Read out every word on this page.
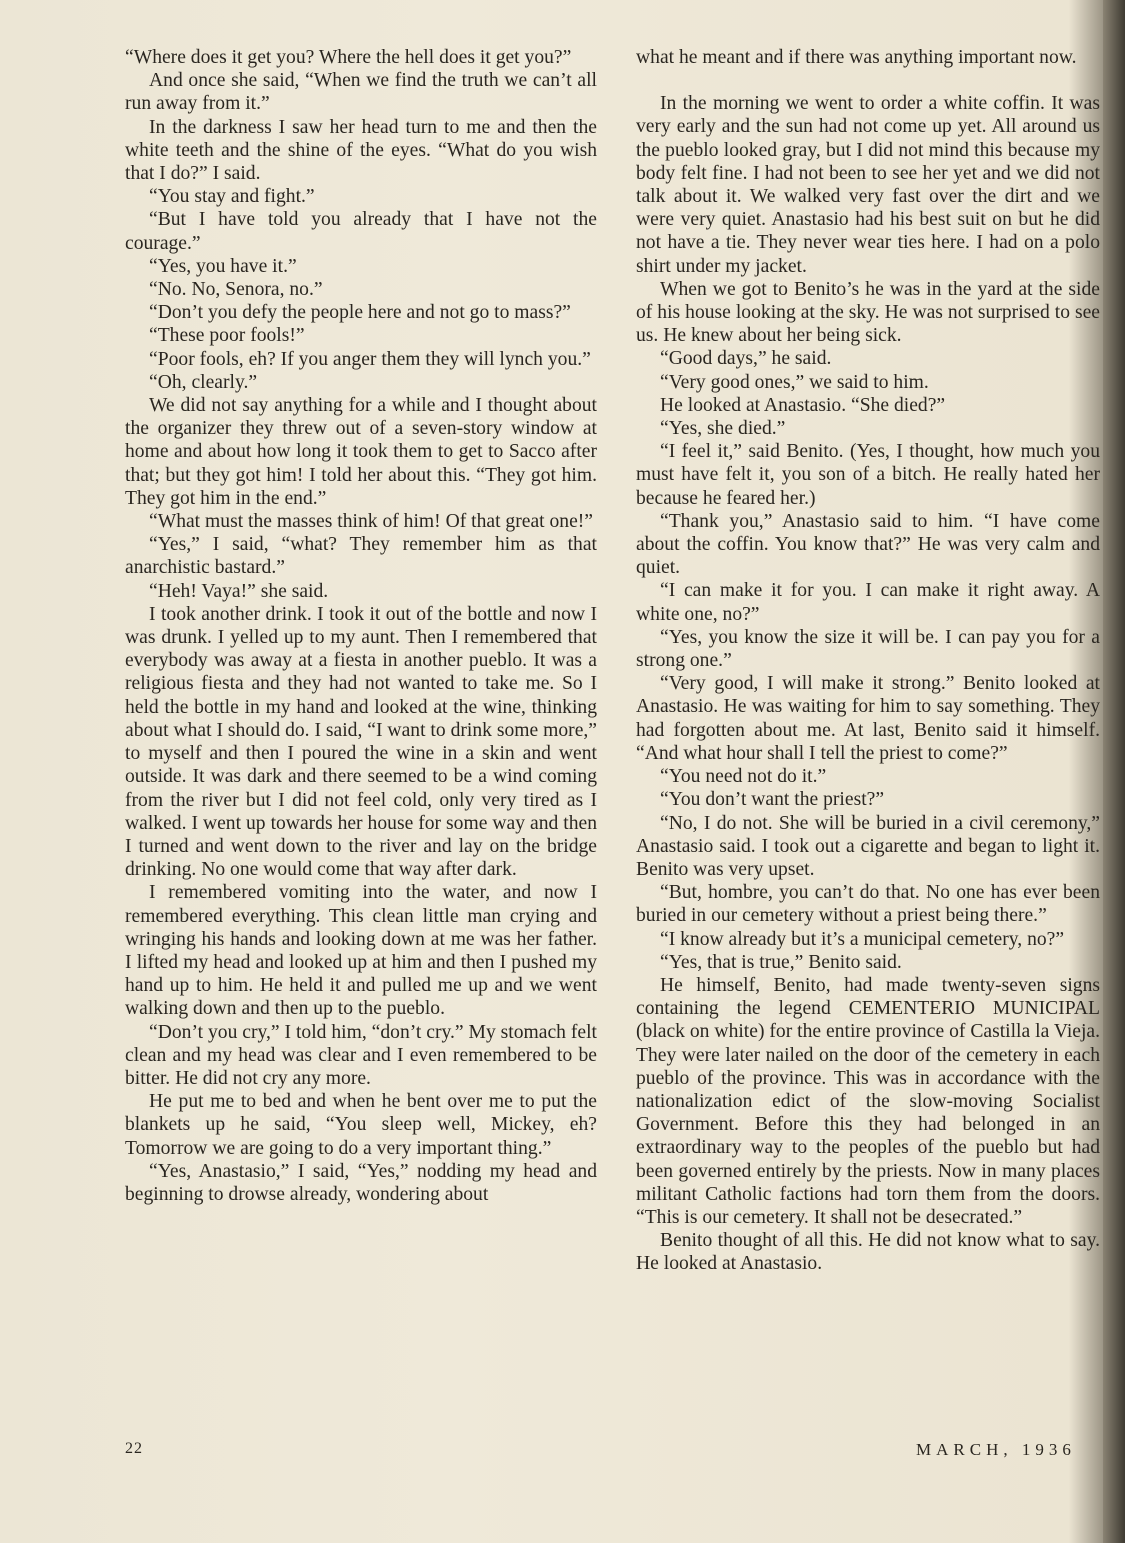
“Where does it get you? Where the hell does it get you?”

And once she said, “When we find the truth we can’t all run away from it.”

In the darkness I saw her head turn to me and then the white teeth and the shine of the eyes. “What do you wish that I do?” I said.

“You stay and fight.”

“But I have told you already that I have not the courage.”

“Yes, you have it.”

“No. No, Senora, no.”

“Don’t you defy the people here and not go to mass?”

“These poor fools!”

“Poor fools, eh? If you anger them they will lynch you.”

“Oh, clearly.”

We did not say anything for a while and I thought about the organizer they threw out of a seven-story window at home and about how long it took them to get to Sacco after that; but they got him! I told her about this. “They got him. They got him in the end.”

“What must the masses think of him! Of that great one!”

“Yes,” I said, “what? They remember him as that anarchistic bastard.”

“Heh! Vaya!” she said.

I took another drink. I took it out of the bottle and now I was drunk. I yelled up to my aunt. Then I remembered that everybody was away at a fiesta in another pueblo. It was a religious fiesta and they had not wanted to take me. So I held the bottle in my hand and looked at the wine, thinking about what I should do. I said, “I want to drink some more,” to myself and then I poured the wine in a skin and went outside. It was dark and there seemed to be a wind coming from the river but I did not feel cold, only very tired as I walked. I went up towards her house for some way and then I turned and went down to the river and lay on the bridge drinking. No one would come that way after dark.

I remembered vomiting into the water, and now I remembered everything. This clean little man crying and wringing his hands and looking down at me was her father. I lifted my head and looked up at him and then I pushed my hand up to him. He held it and pulled me up and we went walking down and then up to the pueblo.

“Don’t you cry,” I told him, “don’t cry.” My stomach felt clean and my head was clear and I even remembered to be bitter. He did not cry any more.

He put me to bed and when he bent over me to put the blankets up he said, “You sleep well, Mickey, eh? Tomorrow we are going to do a very important thing.”

“Yes, Anastasio,” I said, “Yes,” nodding my head and beginning to drowse already, wondering about

what he meant and if there was anything important now.

In the morning we went to order a white coffin. It was very early and the sun had not come up yet. All around us the pueblo looked gray, but I did not mind this because my body felt fine. I had not been to see her yet and we did not talk about it. We walked very fast over the dirt and we were very quiet. Anastasio had his best suit on but he did not have a tie. They never wear ties here. I had on a polo shirt under my jacket.

When we got to Benito’s he was in the yard at the side of his house looking at the sky. He was not surprised to see us. He knew about her being sick.

“Good days,” he said.

“Very good ones,” we said to him.

He looked at Anastasio. “She died?”

“Yes, she died.”

“I feel it,” said Benito. (Yes, I thought, how much you must have felt it, you son of a bitch. He really hated her because he feared her.)

“Thank you,” Anastasio said to him. “I have come about the coffin. You know that?” He was very calm and quiet.

“I can make it for you. I can make it right away. A white one, no?”

“Yes, you know the size it will be. I can pay you for a strong one.”

“Very good, I will make it strong.” Benito looked at Anastasio. He was waiting for him to say something. They had forgotten about me. At last, Benito said it himself. “And what hour shall I tell the priest to come?”

“You need not do it.”

“You don’t want the priest?”

“No, I do not. She will be buried in a civil ceremony,” Anastasio said. I took out a cigarette and began to light it. Benito was very upset.

“But, hombre, you can’t do that. No one has ever been buried in our cemetery without a priest being there.”

“I know already but it’s a municipal cemetery, no?”

“Yes, that is true,” Benito said.

He himself, Benito, had made twenty-seven signs containing the legend CEMENTERIO MUNICIPAL (black on white) for the entire province of Castilla la Vieja. They were later nailed on the door of the cemetery in each pueblo of the province. This was in accordance with the nationalization edict of the slow-moving Socialist Government. Before this they had belonged in an extraordinary way to the peoples of the pueblo but had been governed entirely by the priests. Now in many places militant Catholic factions had torn them from the doors. “This is our cemetery. It shall not be desecrated.”

Benito thought of all this. He did not know what to say. He looked at Anastasio.

22	MARCH, 1936
